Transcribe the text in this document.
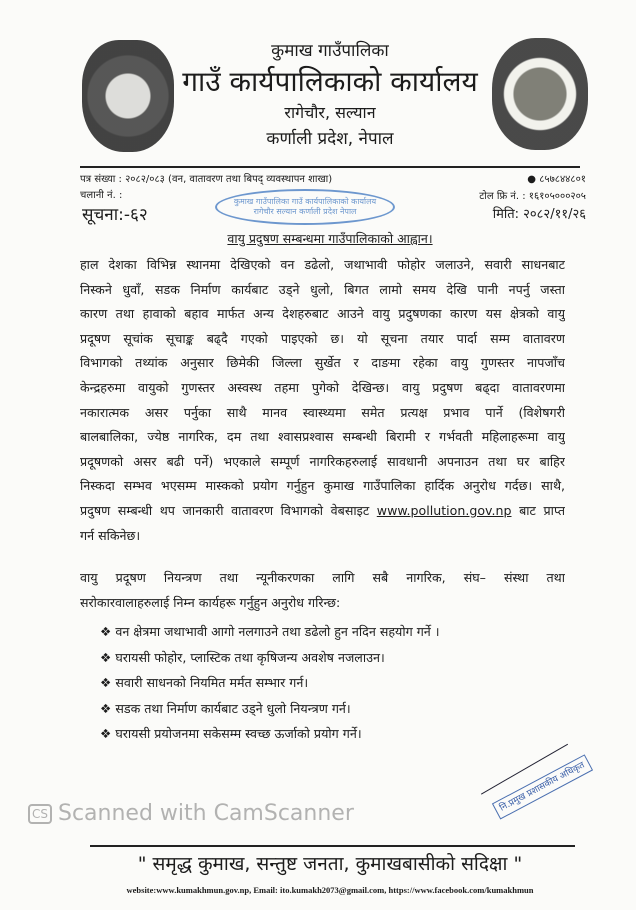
कुमाख गाउँपालिका
गाउँ कार्यपालिकाको कार्यालय
रागेचौर, सल्यान
कर्णाली प्रदेश, नेपाल
पत्र संख्या : २०८२/०८३ (वन, वातावरण तथा बिपद् व्यवस्थापन शाखा)
चलानी नं. :
सूचना:-६२
● ८५७८४४८०१
टोल फ्रि नं. : १६१०५०००२०५
मिति: २०८२/११/२६
कुमाख गाउँपालिका गाउँ कार्यपालिकाको कार्यालय रागेचौर सल्यान कर्णाली प्रदेश नेपाल
वायु प्रदुषण सम्बन्धमा गाउँपालिकाको आह्वान।
हाल देशका विभिन्न स्थानमा देखिएको वन डढेलो, जथाभावी फोहोर जलाउने, सवारी साधनबाट
निस्कने धुवाँ, सडक निर्माण कार्यबाट उड्ने धुलो, बिगत लामो समय देखि पानी नपर्नु जस्ता
कारण तथा हावाको बहाव मार्फत अन्य देशहरुबाट आउने वायु प्रदुषणका कारण यस क्षेत्रको वायु
प्रदूषण सूचांक सूचाङ्क बढ्दै गएको पाइएको छ। यो सूचना तयार पार्दा सम्म वातावरण
विभागको तथ्यांक अनुसार छिमेकी जिल्ला सुर्खेत र दाङमा रहेका वायु गुणस्तर नापजाँच
केन्द्रहरुमा वायुको गुणस्तर अस्वस्थ तहमा पुगेको देखिन्छ। वायु प्रदुषण बढ्दा वातावरणमा
नकारात्मक असर पर्नुका साथै मानव स्वास्थ्यमा समेत प्रत्यक्ष प्रभाव पार्ने (विशेषगरी
बालबालिका, ज्येष्ठ नागरिक, दम तथा श्वासप्रश्वास सम्बन्धी बिरामी र गर्भवती महिलाहरूमा वायु
प्रदूषणको असर बढी पर्ने) भएकाले सम्पूर्ण नागरिकहरुलाई सावधानी अपनाउन तथा घर बाहिर
निस्कदा सम्भव भएसम्म मास्कको प्रयोग गर्नुहुन कुमाख गाउँपालिका हार्दिक अनुरोध गर्दछ। साथै,
प्रदुषण सम्बन्धी थप जानकारी वातावरण विभागको वेबसाइट www.pollution.gov.np बाट प्राप्त
गर्न सकिनेछ।
वायु प्रदूषण नियन्त्रण तथा न्यूनीकरणका लागि सबै नागरिक, संघ– संस्था तथा
सरोकारवालाहरुलाई निम्न कार्यहरू गर्नुहुन अनुरोध गरिन्छ:
❖ वन क्षेत्रमा जथाभावी आगो नलगाउने तथा डढेलो हुन नदिन सहयोग गर्ने ।
❖ घरायसी फोहोर, प्लास्टिक तथा कृषिजन्य अवशेष नजलाउन।
❖ सवारी साधनको नियमित मर्मत सम्भार गर्न।
❖ सडक तथा निर्माण कार्यबाट उड्ने धुलो नियन्त्रण गर्न।
❖ घरायसी प्रयोजनमा सकेसम्म स्वच्छ ऊर्जाको प्रयोग गर्ने।
नि.प्रमुख प्रशासकीय अधिकृत
CS Scanned with CamScanner
" समृद्ध कुमाख, सन्तुष्ट जनता, कुमाखबासीको सदिक्षा "
website:www.kumakhmun.gov.np, Email: ito.kumakh2073@gmail.com, https://www.facebook.com/kumakhmun
